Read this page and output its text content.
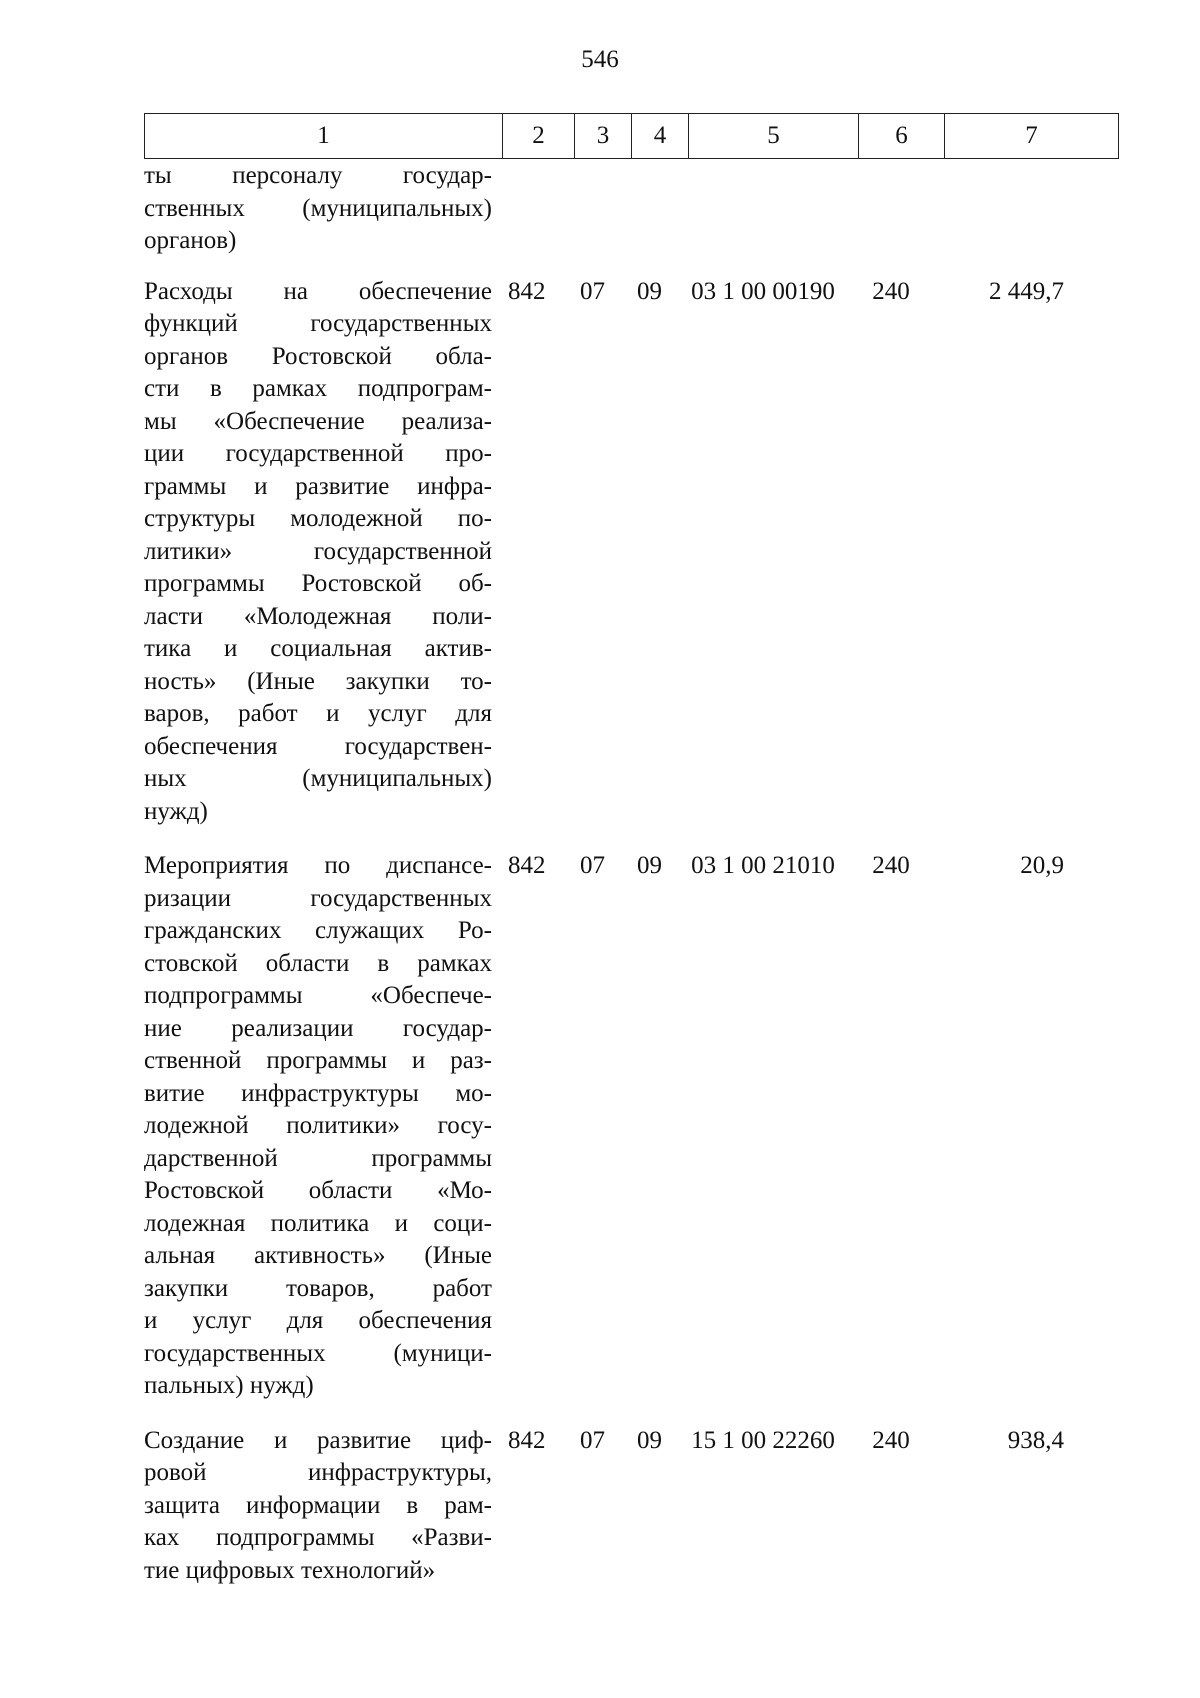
546
1	2	3	4	5	6	7
ты персоналу государ-
ственных (муниципальных)
органов)
Расходы на обеспечение
функций государственных
органов Ростовской обла-
сти в рамках подпрограм-
мы «Обеспечение реализа-
ции государственной про-
граммы и развитие инфра-
структуры молодежной по-
литики» государственной
программы Ростовской об-
ласти «Молодежная поли-
тика и социальная актив-
ность» (Иные закупки то-
варов, работ и услуг для
обеспечения государствен-
ных (муниципальных)
нужд)
842	07	09	03 1 00 00190	240	2 449,7
Мероприятия по диспансе-
ризации государственных
гражданских служащих Ро-
стовской области в рамках
подпрограммы «Обеспече-
ние реализации государ-
ственной программы и раз-
витие инфраструктуры мо-
лодежной политики» госу-
дарственной программы
Ростовской области «Мо-
лодежная политика и соци-
альная активность» (Иные
закупки товаров, работ
и услуг для обеспечения
государственных (муници-
пальных) нужд)
842	07	09	03 1 00 21010	240	20,9
Создание и развитие циф-
ровой инфраструктуры,
защита информации в рам-
ках подпрограммы «Разви-
тие цифровых технологий»
842	07	09	15 1 00 22260	240	938,4
